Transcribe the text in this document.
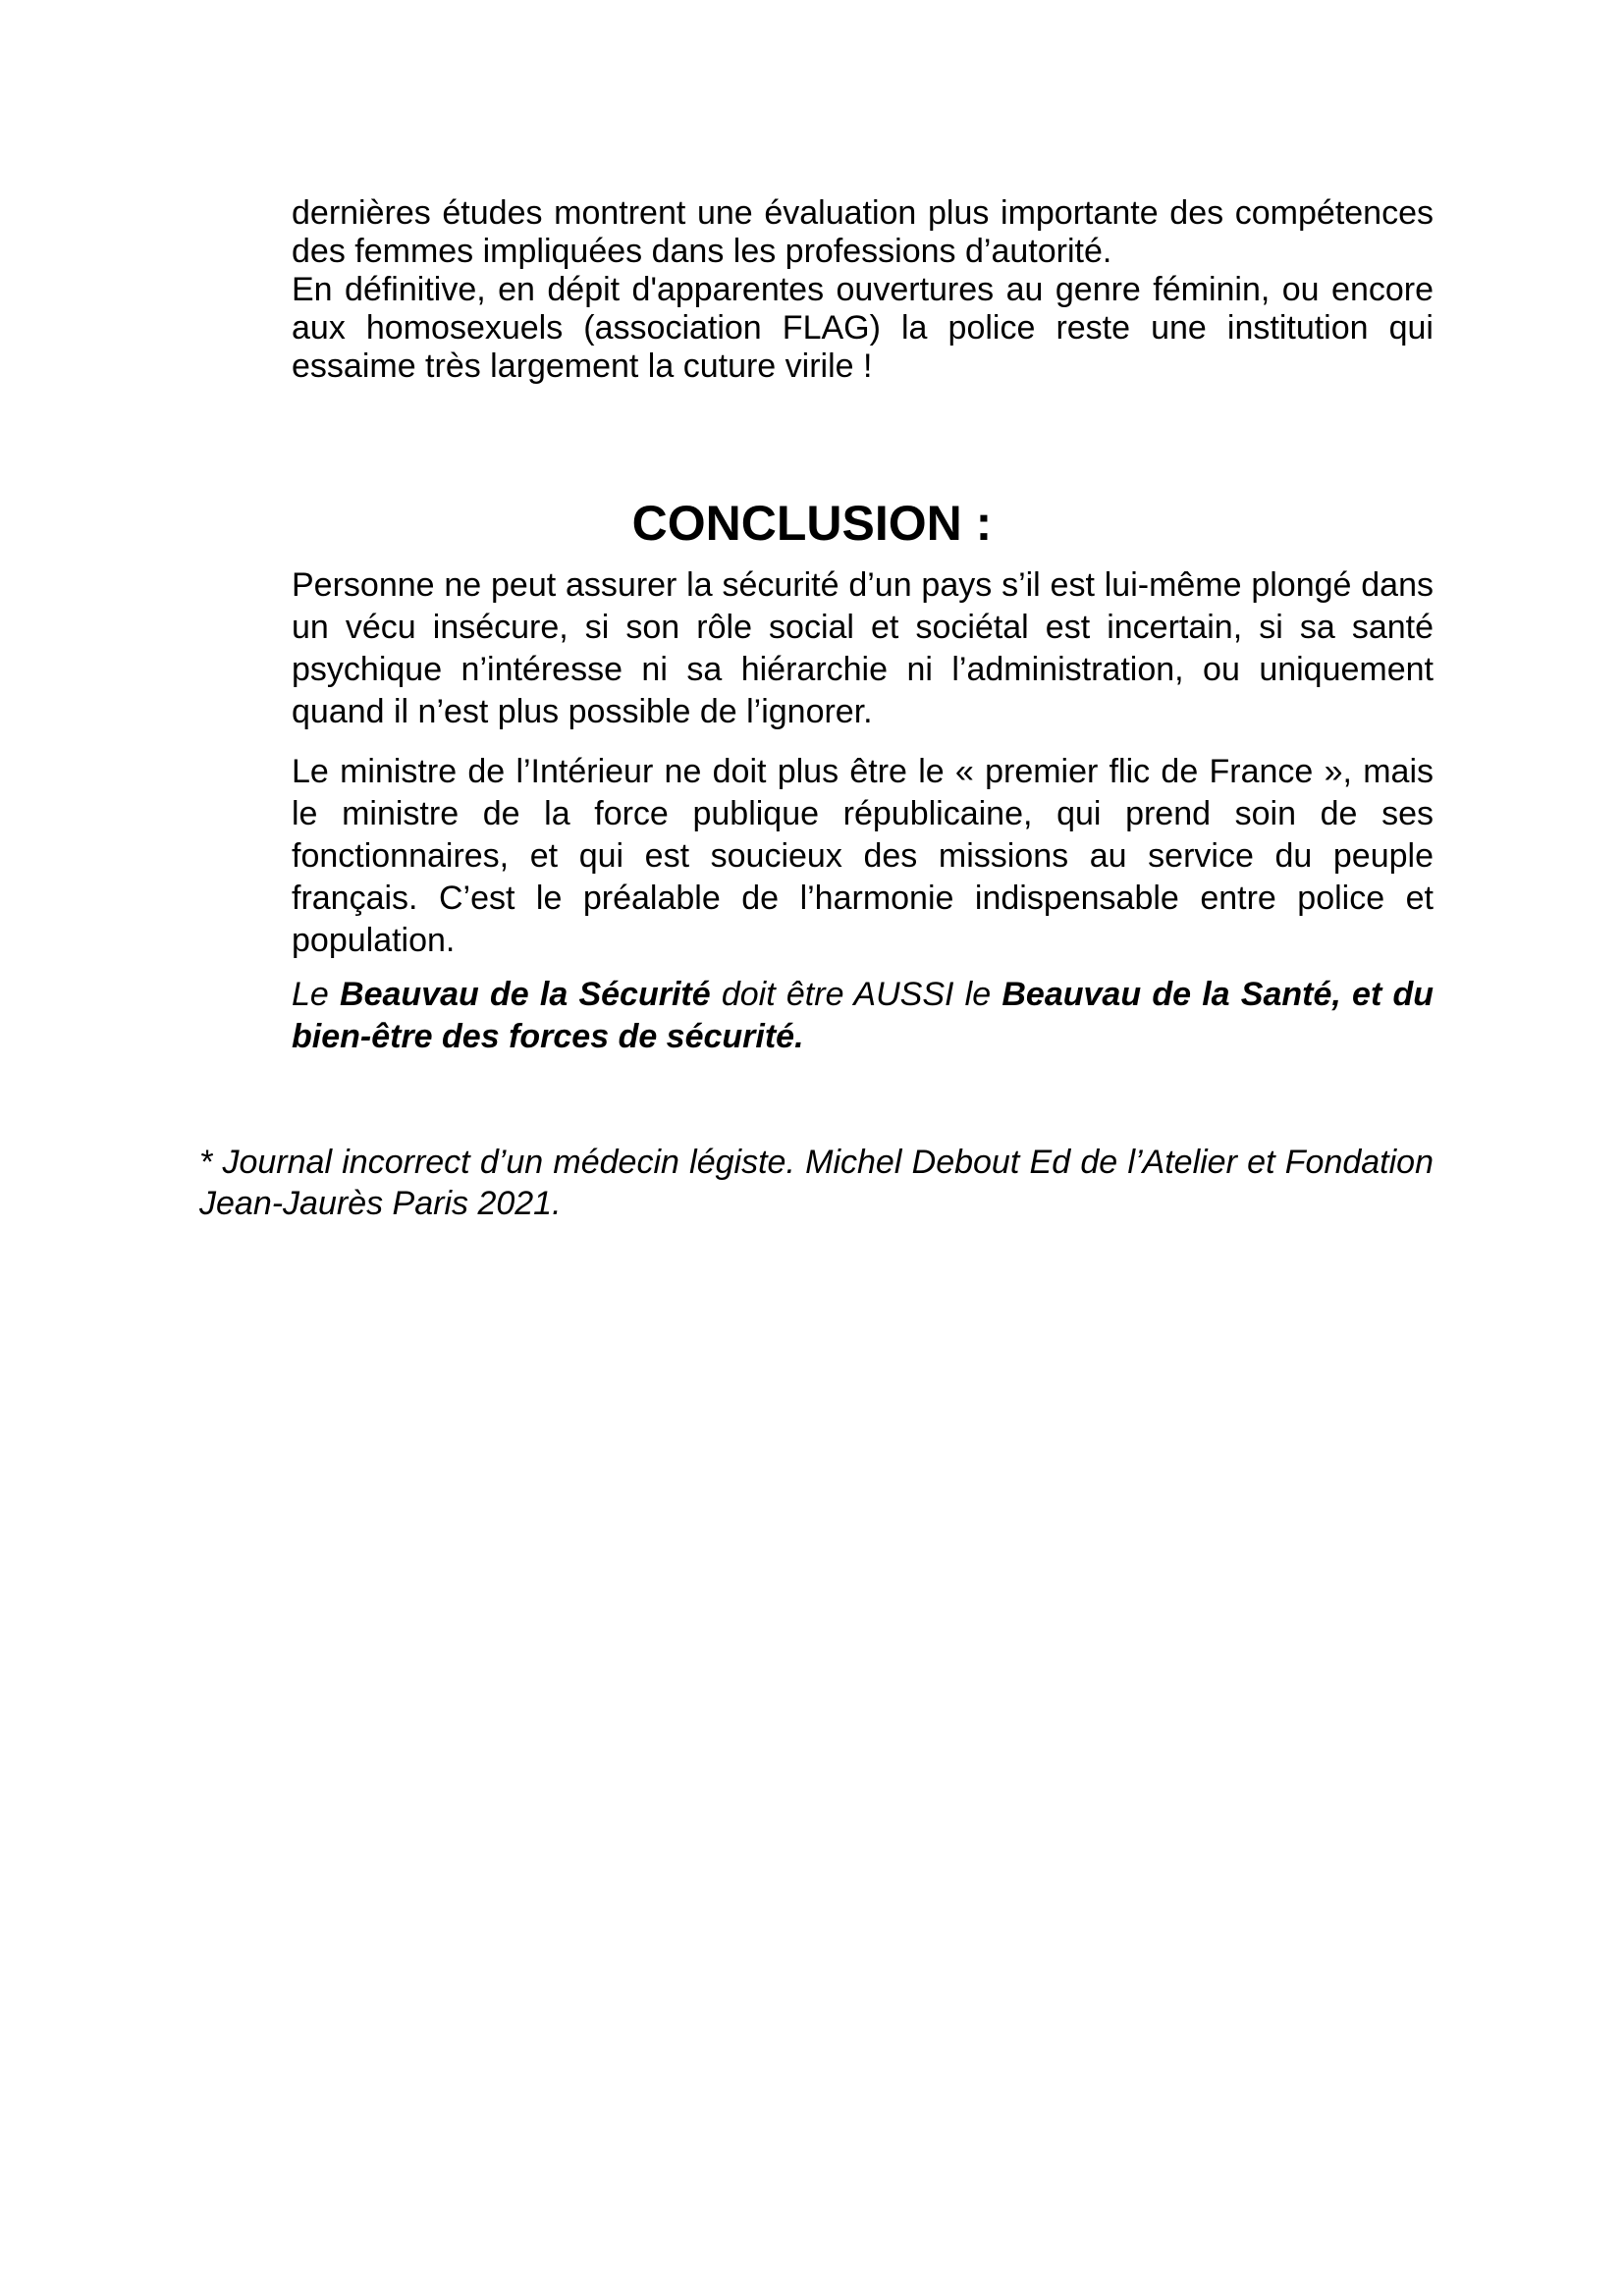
dernières études montrent une évaluation plus importante des compétences des femmes impliquées dans les professions d’autorité.

En définitive, en dépit d'apparentes ouvertures au genre féminin, ou encore aux homosexuels (association FLAG) la police reste une institution qui essaime très largement la cuture virile !

CONCLUSION :

Personne ne peut assurer la sécurité d’un pays s’il est lui-même plongé dans un vécu insécure, si son rôle social et sociétal est incertain, si sa santé psychique n’intéresse ni sa hiérarchie ni l’administration, ou uniquement quand il n’est plus possible de l’ignorer.

Le ministre de l’Intérieur ne doit plus être le « premier flic de France », mais le ministre de la force publique républicaine, qui prend soin de ses fonctionnaires, et qui est soucieux des missions au service du peuple français. C’est le préalable de l’harmonie indispensable entre police et population.

Le Beauvau de la Sécurité doit être AUSSI le Beauvau de la Santé, et du bien-être des forces de sécurité.

* Journal incorrect d’un médecin légiste. Michel Debout Ed de l’Atelier et Fondation Jean-Jaurès Paris 2021.
